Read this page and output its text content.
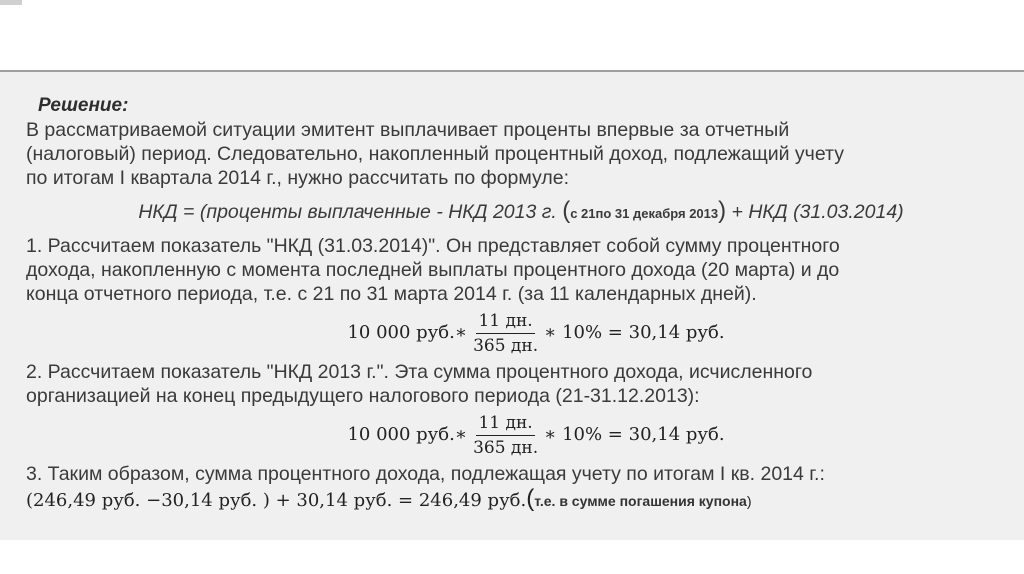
Решение:
В рассматриваемой ситуации эмитент выплачивает проценты впервые за отчетный
(налоговый) период. Следовательно, накопленный процентный доход, подлежащий учету
по итогам I квартала 2014 г., нужно рассчитать по формуле:
НКД = (проценты выплаченные - НКД 2013 г. (с 21по 31 декабря 2013) + НКД (31.03.2014)
1. Рассчитаем показатель "НКД (31.03.2014)". Он представляет собой сумму процентного
дохода, накопленную с момента последней выплаты процентного дохода (20 марта) и до
конца отчетного периода, т.е. с 21 по 31 марта 2014 г. (за 11 календарных дней).
10 000 руб.∗ $\frac{11 дн.}{365 дн.}$ ∗ 10% = 30,14 руб.
2. Рассчитаем показатель "НКД 2013 г.". Эта сумма процентного дохода, исчисленного
организацией на конец предыдущего налогового периода (21-31.12.2013):
10 000 руб.∗ $\frac{11 дн.}{365 дн.}$ ∗ 10% = 30,14 руб.
3. Таким образом, сумма процентного дохода, подлежащая учету по итогам I кв. 2014 г.:
(246,49 руб. −30,14 руб. ) + 30,14 руб. = 246,49 руб.(т.е. в сумме погашения купона)
